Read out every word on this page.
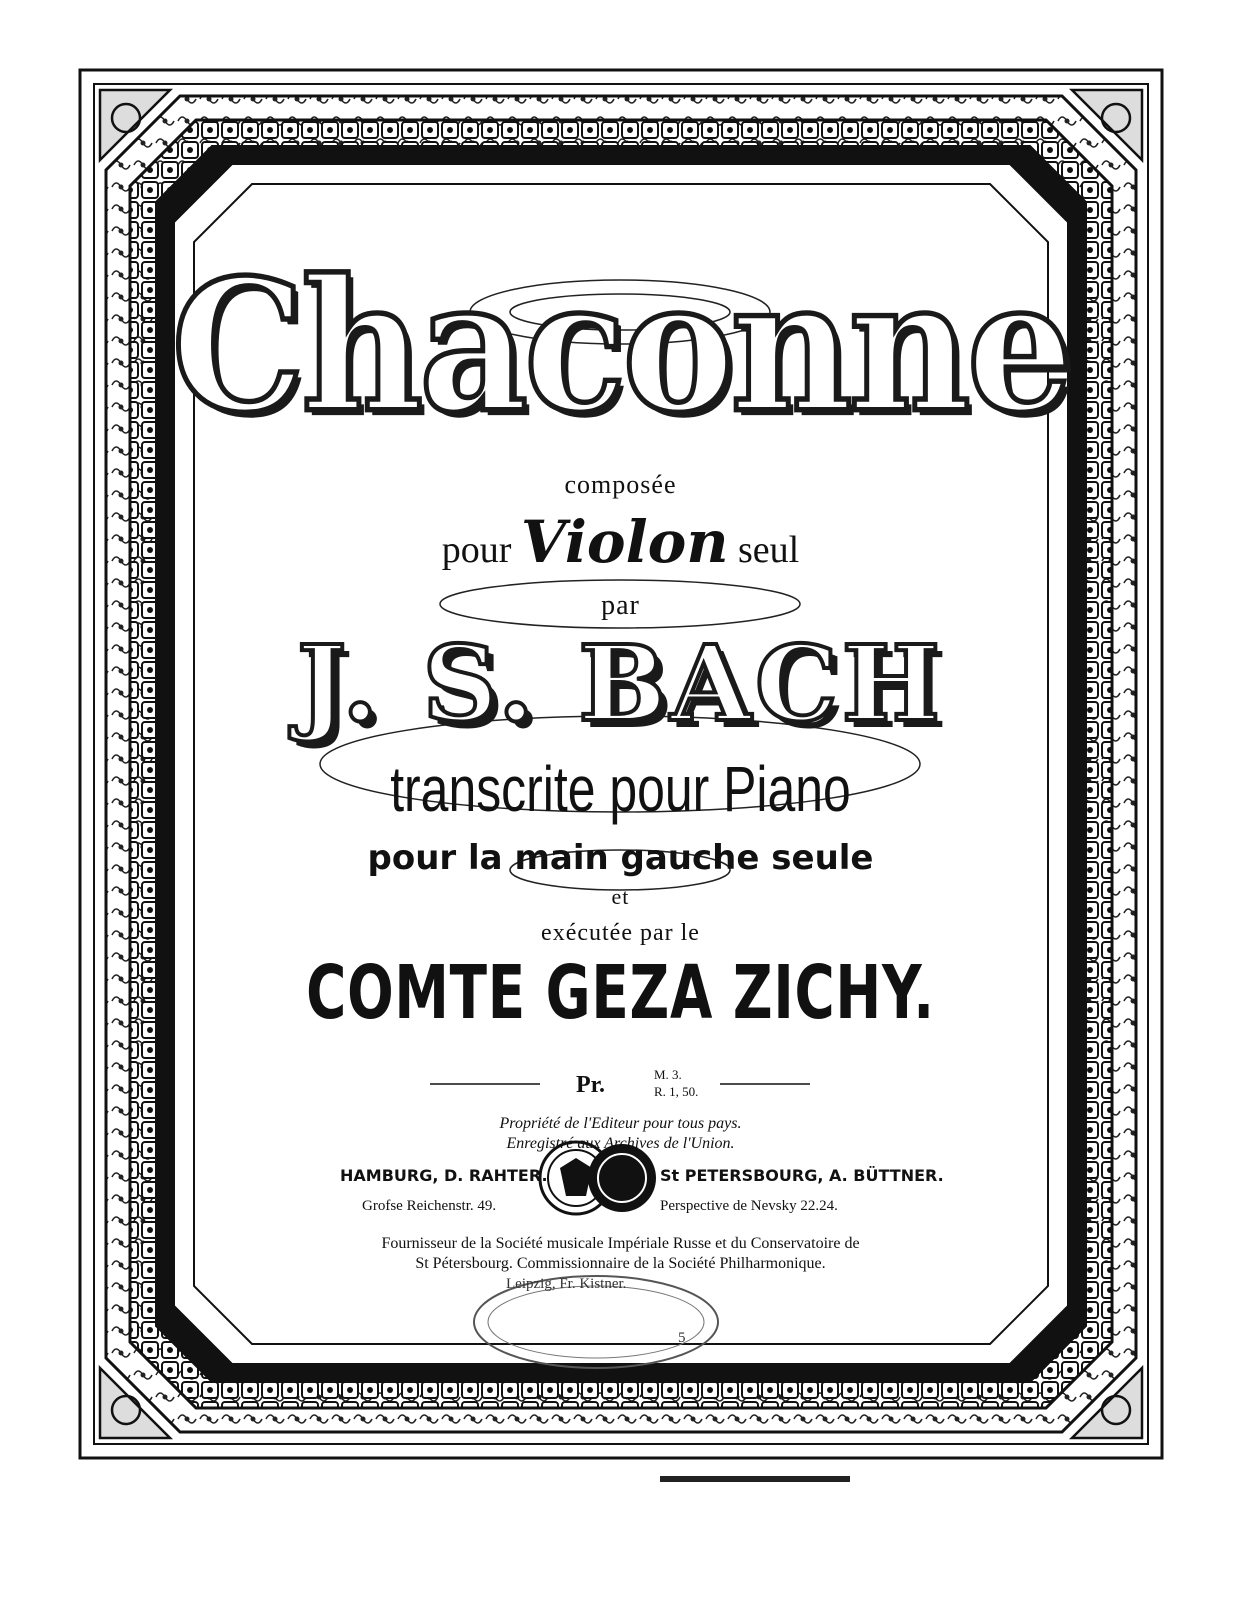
Chaconne
composée
pour Violon seul
par
J. S. BACH
transcrite pour Piano
pour la main gauche seule
et
exécutée par le
COMTE GEZA ZICHY.
Pr.	M. 3.
R. 1, 50.
Propriété de l'Editeur pour tous pays.
Enregistré aux Archives de l'Union.
HAMBURG, D. RAHTER.
Grofse Reichenstr. 49.
St PETERSBOURG, A. BÜTTNER.
Perspective de Nevsky 22.24.
Fournisseur de la Société musicale Impériale Russe et du Conservatoire de
St Pétersbourg. Commissionnaire de la Société Philharmonique.
Leipzig, Fr. Kistner.
5
